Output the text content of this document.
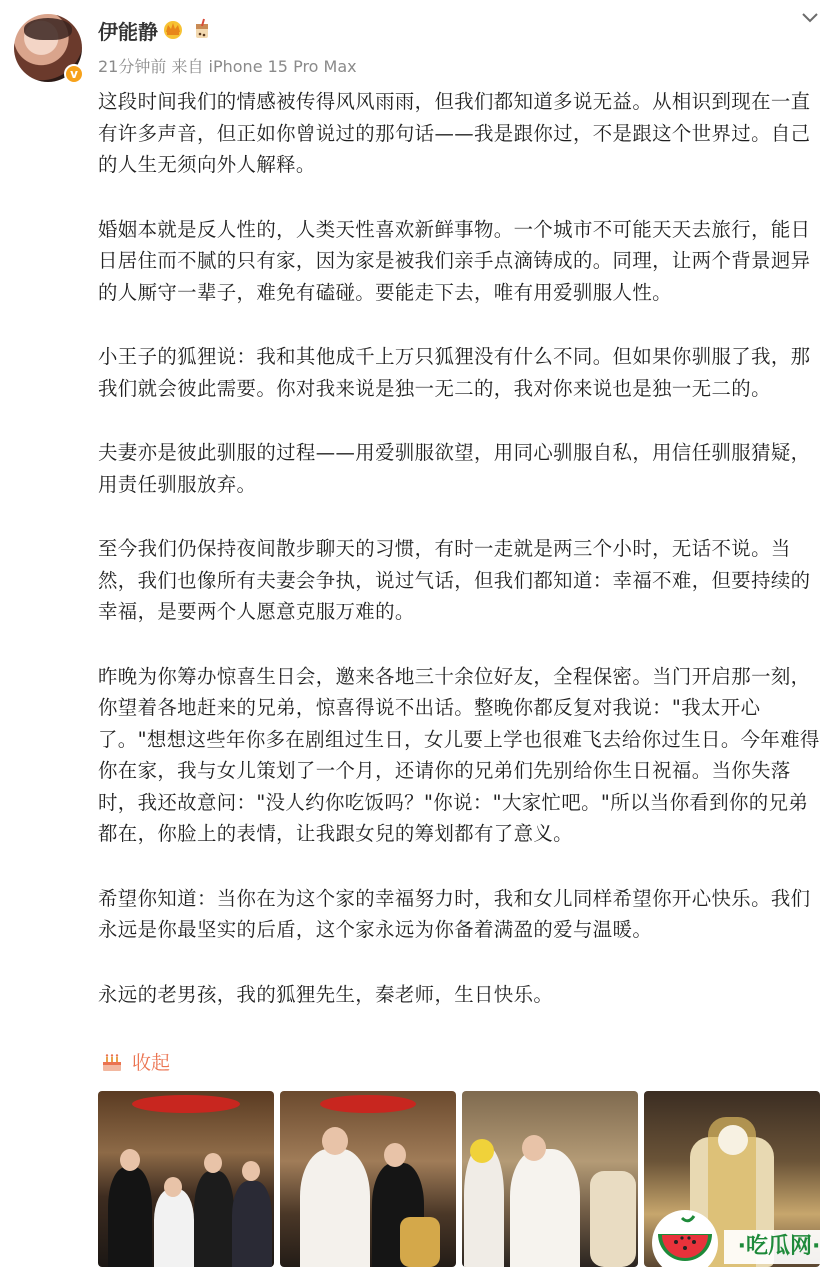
v
伊能静
21分钟前 来自 iPhone 15 Pro Max

这段时间我们的情感被传得风风雨雨，但我们都知道多说无益。从相识到现在一直有许多声音，但正如你曾说过的那句话——我是跟你过，不是跟这个世界过。自己的人生无须向外人解释。

婚姻本就是反人性的，人类天性喜欢新鲜事物。一个城市不可能天天去旅行，能日日居住而不腻的只有家，因为家是被我们亲手点滴铸成的。同理，让两个背景迥异的人厮守一辈子，难免有磕碰。要能走下去，唯有用爱驯服人性。

小王子的狐狸说：我和其他成千上万只狐狸没有什么不同。但如果你驯服了我，那我们就会彼此需要。你对我来说是独一无二的，我对你来说也是独一无二的。

夫妻亦是彼此驯服的过程——用爱驯服欲望，用同心驯服自私，用信任驯服猜疑，用责任驯服放弃。

至今我们仍保持夜间散步聊天的习惯，有时一走就是两三个小时，无话不说。当然，我们也像所有夫妻会争执，说过气话，但我们都知道：幸福不难，但要持续的幸福，是要两个人愿意克服万难的。

昨晚为你筹办惊喜生日会，邀来各地三十余位好友，全程保密。当门开启那一刻，你望着各地赶来的兄弟，惊喜得说不出话。整晚你都反复对我说："我太开心了。"想想这些年你多在剧组过生日，女儿要上学也很难飞去给你过生日。今年难得你在家，我与女儿策划了一个月，还请你的兄弟们先别给你生日祝福。当你失落时，我还故意问："没人约你吃饭吗？"你说："大家忙吧。"所以当你看到你的兄弟都在，你脸上的表情，让我跟女兒的筹划都有了意义。

希望你知道：当你在为这个家的幸福努力时，我和女儿同样希望你开心快乐。我们永远是你最坚实的后盾，这个家永远为你备着满盈的爱与温暖。

永远的老男孩，我的狐狸先生，秦老师，生日快乐。

收起
·吃瓜网·
